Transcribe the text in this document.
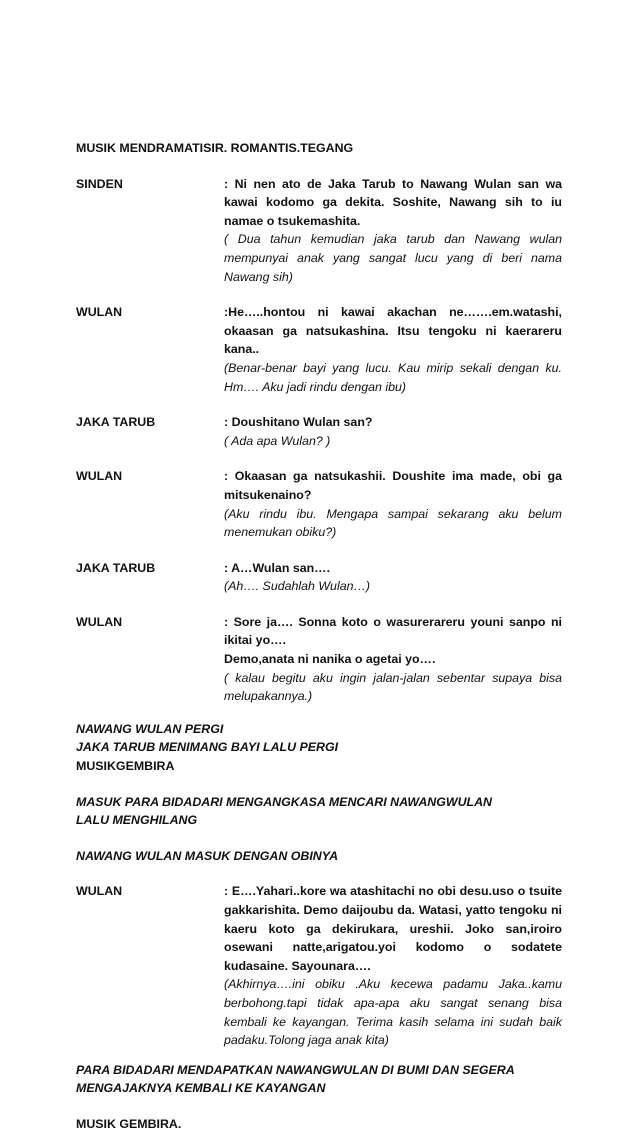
MUSIK MENDRAMATISIR. ROMANTIS.TEGANG

SINDEN	: Ni nen ato de Jaka Tarub to Nawang Wulan san wa kawai kodomo ga dekita. Soshite, Nawang sih to iu namae o tsukemashita.

( Dua tahun kemudian jaka tarub dan Nawang wulan mempunyai anak yang sangat lucu yang di beri nama Nawang sih)

WULAN	:He…..hontou ni kawai akachan ne…….em.watashi, okaasan ga natsukashina. Itsu tengoku ni kaerareru kana..

(Benar-benar bayi yang lucu. Kau mirip sekali dengan ku. Hm…. Aku jadi rindu dengan ibu)

JAKA TARUB	: Doushitano Wulan san?

( Ada apa Wulan? )

WULAN	: Okaasan ga natsukashii. Doushite ima made, obi ga mitsukenaino?

(Aku rindu ibu. Mengapa sampai sekarang aku belum menemukan obiku?)

JAKA TARUB	: A…Wulan san….

(Ah…. Sudahlah Wulan…)

WULAN	: Sore ja…. Sonna koto o wasurerareru youni sanpo ni ikitai yo….

Demo,anata ni nanika o agetai yo….

( kalau begitu aku ingin jalan-jalan sebentar supaya bisa melupakannya.)

NAWANG WULAN PERGI

JAKA TARUB MENIMANG BAYI LALU PERGI

MUSIKGEMBIRA

MASUK PARA BIDADARI MENGANGKASA MENCARI NAWANGWULAN

LALU MENGHILANG

NAWANG WULAN MASUK DENGAN OBINYA

WULAN	: E….Yahari..kore wa atashitachi no obi desu.uso o tsuite gakkarishita. Demo daijoubu da. Watasi, yatto tengoku ni kaeru koto ga dekirukara, ureshii. Joko san,iroiro osewani natte,arigatou.yoi kodomo o sodatete kudasaine. Sayounara….

(Akhirnya….ini obiku .Aku kecewa padamu Jaka..kamu berbohong.tapi tidak apa-apa aku sangat senang bisa kembali ke kayangan. Terima kasih selama ini sudah baik padaku.Tolong jaga anak kita)

PARA BIDADARI MENDAPATKAN NAWANGWULAN DI BUMI DAN SEGERA

MENGAJAKNYA KEMBALI KE KAYANGAN

MUSIK GEMBIRA.
